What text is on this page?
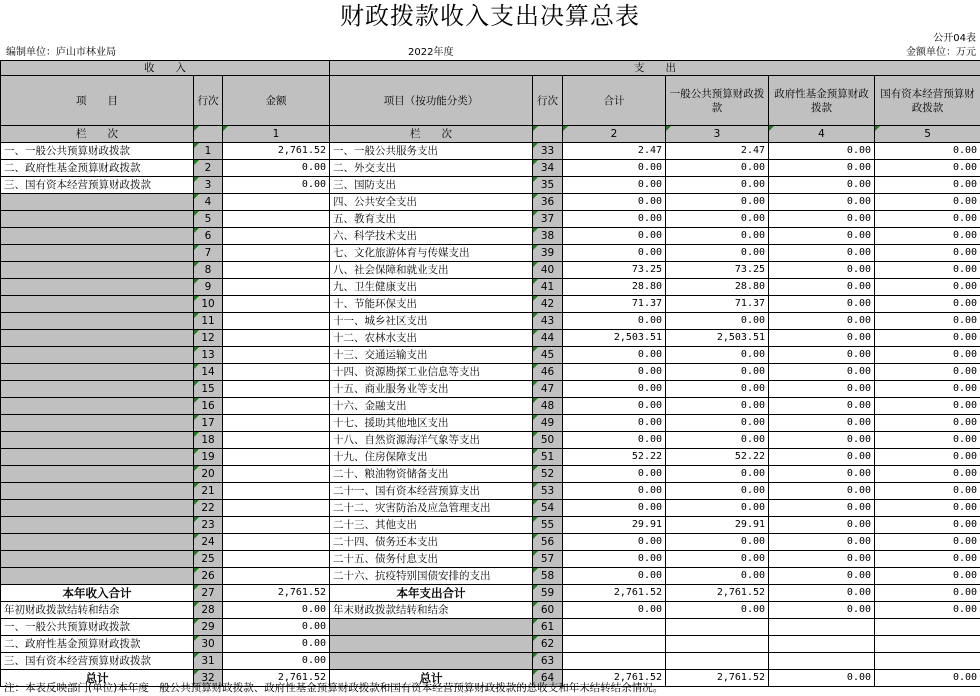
财政拨款收入支出决算总表
公开04表
编制单位：庐山市林业局	2022年度	金额单位：万元
收　　入			支　　出					
项　　目	行次	金额	项目（按功能分类）	行次	合计	一般公共预算财政拨款	政府性基金预算财政拨款	国有资本经营预算财政拨款
栏　　次		1	栏　　次		2	3	4	5
一、一般公共预算财政拨款	1	2,761.52	一、一般公共服务支出	33	2.47	2.47	0.00	0.00
二、政府性基金预算财政拨款	2	0.00	二、外交支出	34	0.00	0.00	0.00	0.00
三、国有资本经营预算财政拨款	3	0.00	三、国防支出	35	0.00	0.00	0.00	0.00
	4		四、公共安全支出	36	0.00	0.00	0.00	0.00
	5		五、教育支出	37	0.00	0.00	0.00	0.00
	6		六、科学技术支出	38	0.00	0.00	0.00	0.00
	7		七、文化旅游体育与传媒支出	39	0.00	0.00	0.00	0.00
	8		八、社会保障和就业支出	40	73.25	73.25	0.00	0.00
	9		九、卫生健康支出	41	28.80	28.80	0.00	0.00
	10		十、节能环保支出	42	71.37	71.37	0.00	0.00
	11		十一、城乡社区支出	43	0.00	0.00	0.00	0.00
	12		十二、农林水支出	44	2,503.51	2,503.51	0.00	0.00
	13		十三、交通运输支出	45	0.00	0.00	0.00	0.00
	14		十四、资源勘探工业信息等支出	46	0.00	0.00	0.00	0.00
	15		十五、商业服务业等支出	47	0.00	0.00	0.00	0.00
	16		十六、金融支出	48	0.00	0.00	0.00	0.00
	17		十七、援助其他地区支出	49	0.00	0.00	0.00	0.00
	18		十八、自然资源海洋气象等支出	50	0.00	0.00	0.00	0.00
	19		十九、住房保障支出	51	52.22	52.22	0.00	0.00
	20		二十、粮油物资储备支出	52	0.00	0.00	0.00	0.00
	21		二十一、国有资本经营预算支出	53	0.00	0.00	0.00	0.00
	22		二十二、灾害防治及应急管理支出	54	0.00	0.00	0.00	0.00
	23		二十三、其他支出	55	29.91	29.91	0.00	0.00
	24		二十四、债务还本支出	56	0.00	0.00	0.00	0.00
	25		二十五、债务付息支出	57	0.00	0.00	0.00	0.00
	26		二十六、抗疫特别国债安排的支出	58	0.00	0.00	0.00	0.00
本年收入合计	27	2,761.52	本年支出合计	59	2,761.52	2,761.52	0.00	0.00
年初财政拨款结转和结余	28	0.00	年末财政拨款结转和结余	60	0.00	0.00	0.00	0.00
一、一般公共预算财政拨款	29	0.00		61				
二、政府性基金预算财政拨款	30	0.00		62				
三、国有资本经营预算财政拨款	31	0.00		63				
总计	32	2,761.52	总计	64	2,761.52	2,761.52	0.00	0.00
注：本表反映部门(单位)本年度一般公共预算财政拨款、政府性基金预算财政拨款和国有资本经营预算财政拨款的总收支和年末结转结余情况。
